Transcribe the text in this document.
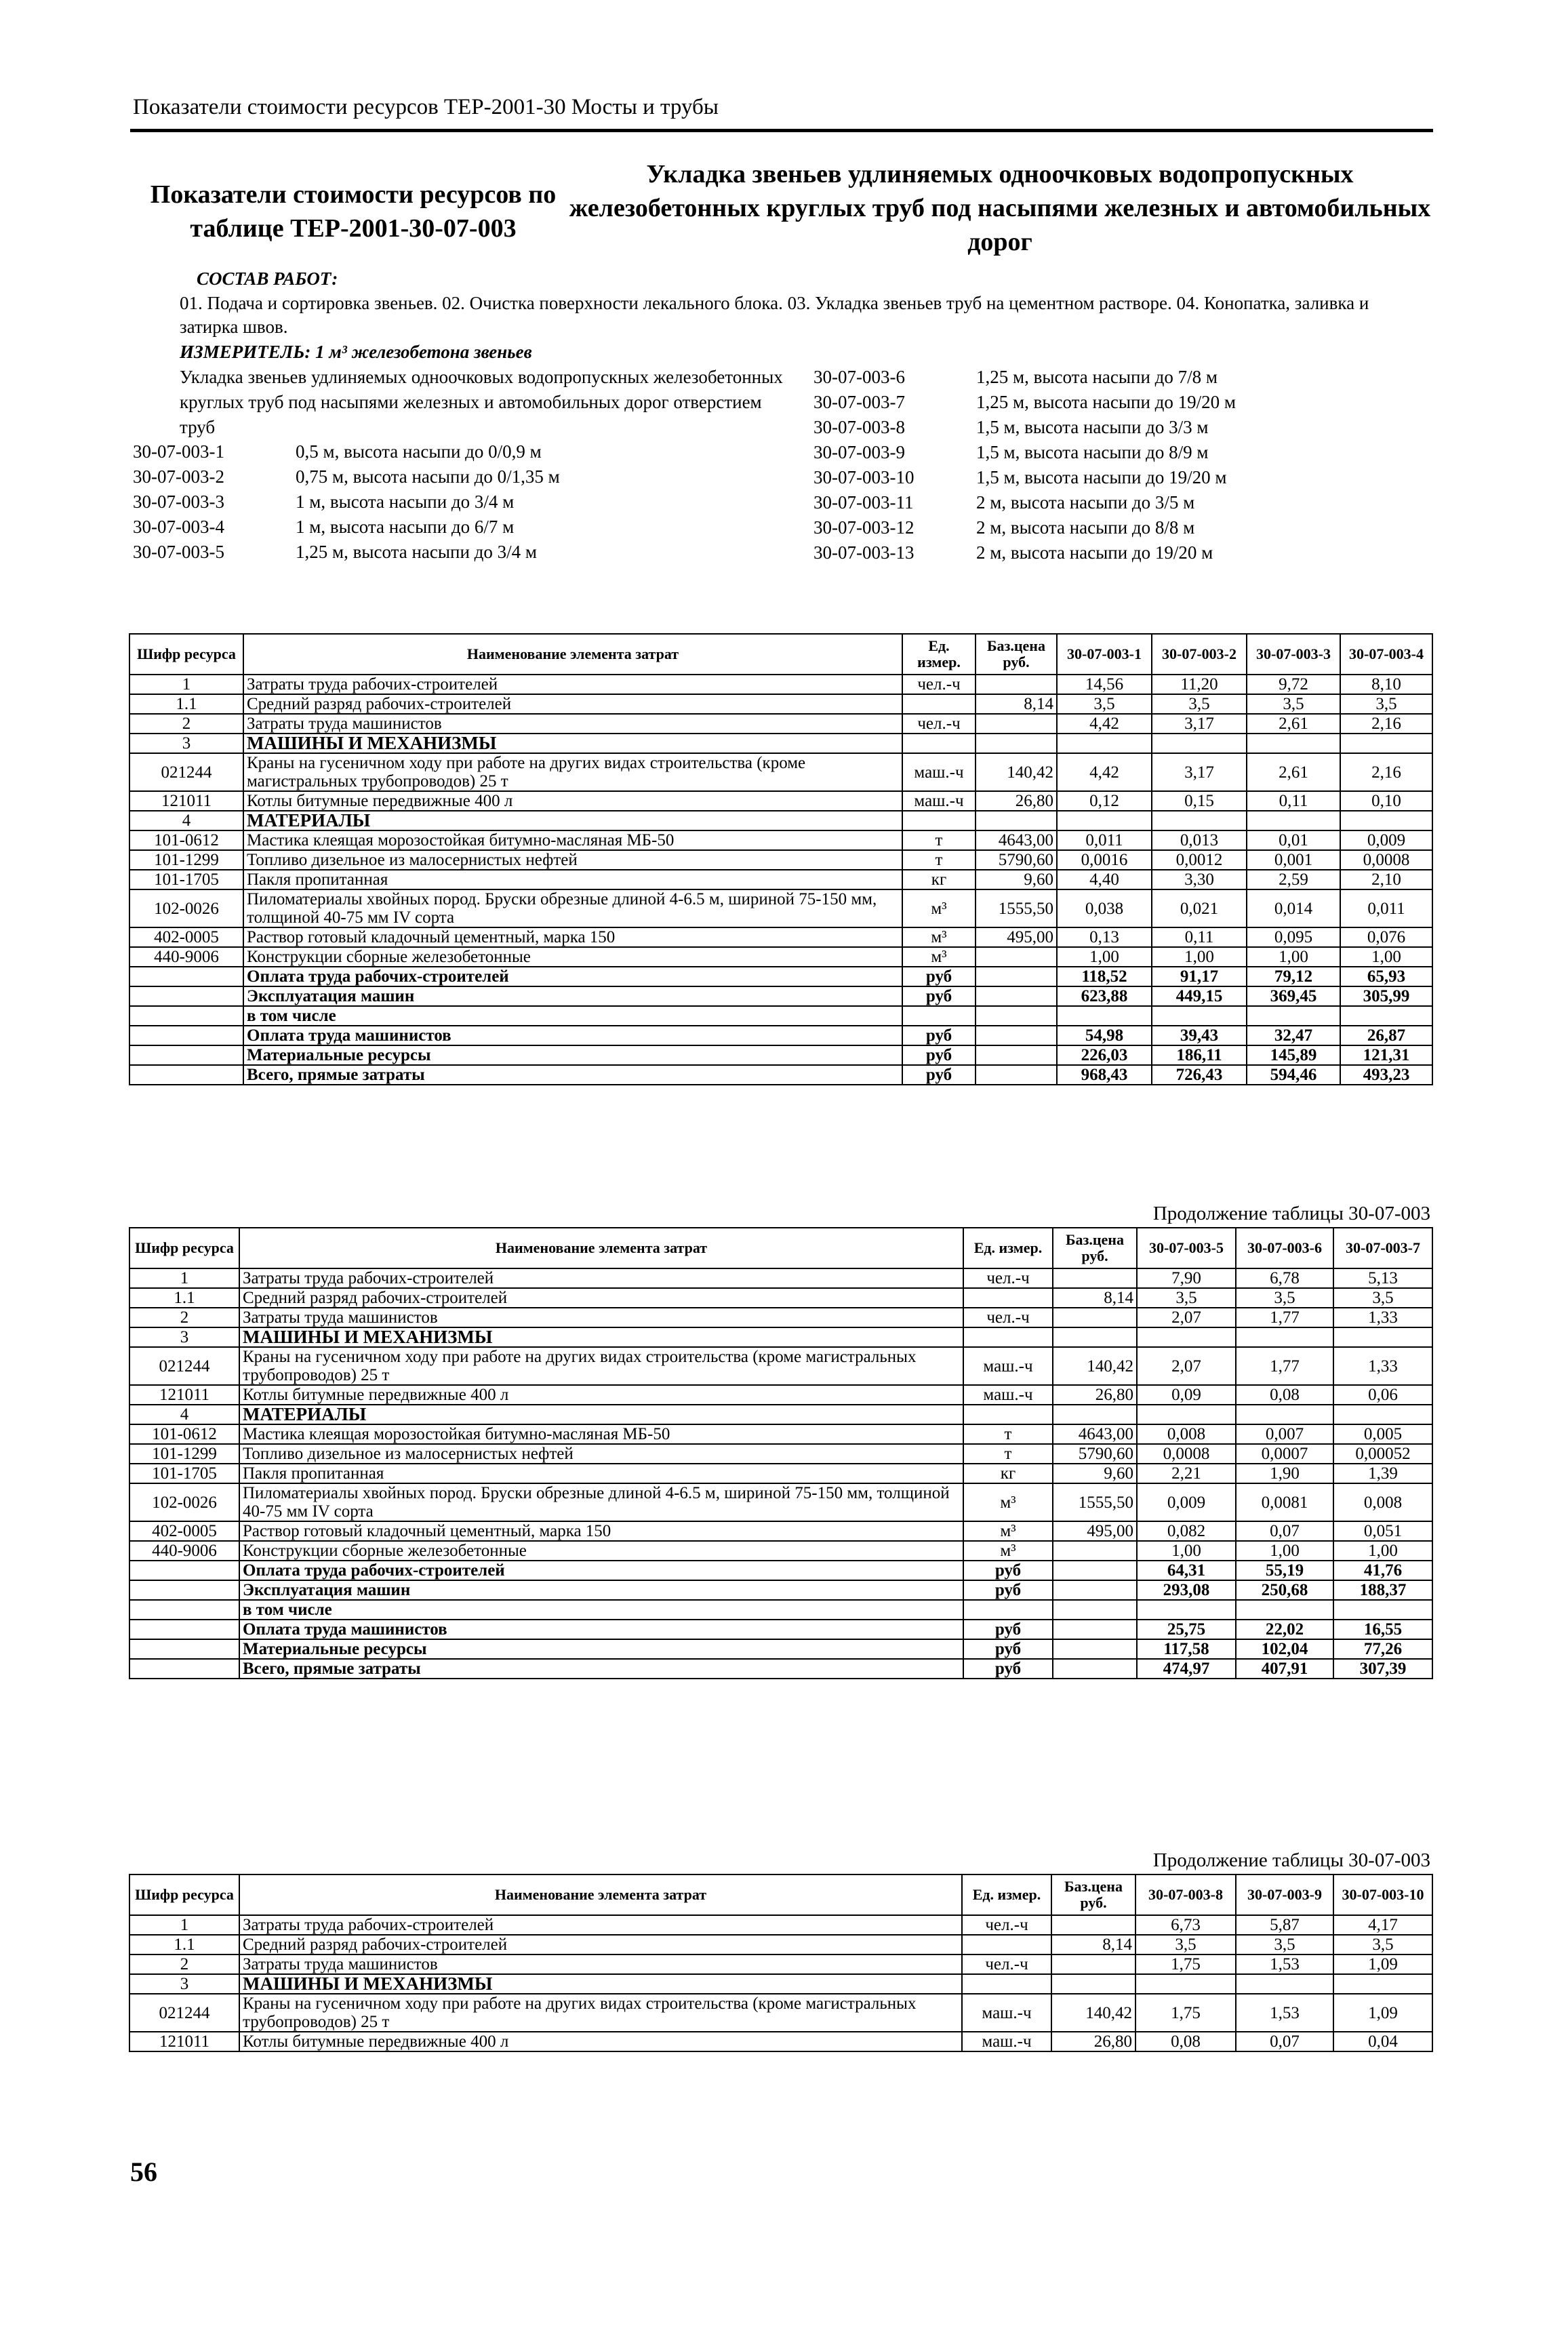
Показатели стоимости ресурсов ТЕР-2001-30 Мосты и трубы
Показатели стоимости ресурсов по таблице ТЕР-2001-30-07-003
Укладка звеньев удлиняемых одноочковых водопропускных железобетонных круглых труб под насыпями железных и автомобильных дорог
СОСТАВ РАБОТ:
01. Подача и сортировка звеньев. 02. Очистка поверхности лекального блока. 03. Укладка звеньев труб на цементном растворе. 04. Конопатка, заливка и затирка швов.
ИЗМЕРИТЕЛЬ: 1 м³ железобетона звеньев
Укладка звеньев удлиняемых одноочковых водопропускных железобетонных круглых труб под насыпями железных и автомобильных дорог отверстием труб
30-07-003-1	0,5 м, высота насыпи до 0/0,9 м
30-07-003-2	0,75 м, высота насыпи до 0/1,35 м
30-07-003-3	1 м, высота насыпи до 3/4 м
30-07-003-4	1 м, высота насыпи до 6/7 м
30-07-003-5	1,25 м, высота насыпи до 3/4 м
30-07-003-6	1,25 м, высота насыпи до 7/8 м
30-07-003-7	1,25 м, высота насыпи до 19/20 м
30-07-003-8	1,5 м, высота насыпи до 3/3 м
30-07-003-9	1,5 м, высота насыпи до 8/9 м
30-07-003-10	1,5 м, высота насыпи до 19/20 м
30-07-003-11	2 м, высота насыпи до 3/5 м
30-07-003-12	2 м, высота насыпи до 8/8 м
30-07-003-13	2 м, высота насыпи до 19/20 м
Шифр ресурса	Наименование элемента затрат	Ед. измер.	Баз.цена руб.	30-07-003-1	30-07-003-2	30-07-003-3	30-07-003-4
1	Затраты труда рабочих-строителей	чел.-ч		14,56	11,20	9,72	8,10
1.1	Средний разряд рабочих-строителей		8,14	3,5	3,5	3,5	3,5
2	Затраты труда машинистов	чел.-ч		4,42	3,17	2,61	2,16
3	МАШИНЫ И МЕХАНИЗМЫ						
021244	Краны на гусеничном ходу при работе на других видах строительства (кроме магистральных трубопроводов) 25 т	маш.-ч	140,42	4,42	3,17	2,61	2,16
121011	Котлы битумные передвижные 400 л	маш.-ч	26,80	0,12	0,15	0,11	0,10
4	МАТЕРИАЛЫ						
101-0612	Мастика клеящая морозостойкая битумно-масляная МБ-50	т	4643,00	0,011	0,013	0,01	0,009
101-1299	Топливо дизельное из малосернистых нефтей	т	5790,60	0,0016	0,0012	0,001	0,0008
101-1705	Пакля пропитанная	кг	9,60	4,40	3,30	2,59	2,10
102-0026	Пиломатериалы хвойных пород. Бруски обрезные длиной 4-6.5 м, шириной 75-150 мм, толщиной 40-75 мм IV сорта	м³	1555,50	0,038	0,021	0,014	0,011
402-0005	Раствор готовый кладочный цементный, марка 150	м³	495,00	0,13	0,11	0,095	0,076
440-9006	Конструкции сборные железобетонные	м³		1,00	1,00	1,00	1,00
	Оплата труда рабочих-строителей	руб		118,52	91,17	79,12	65,93
	Эксплуатация машин	руб		623,88	449,15	369,45	305,99
	в том числе						
	Оплата труда машинистов	руб		54,98	39,43	32,47	26,87
	Материальные ресурсы	руб		226,03	186,11	145,89	121,31
	Всего, прямые затраты	руб		968,43	726,43	594,46	493,23
Продолжение таблицы 30-07-003
Шифр ресурса	Наименование элемента затрат	Ед. измер.	Баз.цена руб.	30-07-003-5	30-07-003-6	30-07-003-7
1	Затраты труда рабочих-строителей	чел.-ч		7,90	6,78	5,13
1.1	Средний разряд рабочих-строителей		8,14	3,5	3,5	3,5
2	Затраты труда машинистов	чел.-ч		2,07	1,77	1,33
3	МАШИНЫ И МЕХАНИЗМЫ					
021244	Краны на гусеничном ходу при работе на других видах строительства (кроме магистральных трубопроводов) 25 т	маш.-ч	140,42	2,07	1,77	1,33
121011	Котлы битумные передвижные 400 л	маш.-ч	26,80	0,09	0,08	0,06
4	МАТЕРИАЛЫ					
101-0612	Мастика клеящая морозостойкая битумно-масляная МБ-50	т	4643,00	0,008	0,007	0,005
101-1299	Топливо дизельное из малосернистых нефтей	т	5790,60	0,0008	0,0007	0,00052
101-1705	Пакля пропитанная	кг	9,60	2,21	1,90	1,39
102-0026	Пиломатериалы хвойных пород. Бруски обрезные длиной 4-6.5 м, шириной 75-150 мм, толщиной 40-75 мм IV сорта	м³	1555,50	0,009	0,0081	0,008
402-0005	Раствор готовый кладочный цементный, марка 150	м³	495,00	0,082	0,07	0,051
440-9006	Конструкции сборные железобетонные	м³		1,00	1,00	1,00
	Оплата труда рабочих-строителей	руб		64,31	55,19	41,76
	Эксплуатация машин	руб		293,08	250,68	188,37
	в том числе					
	Оплата труда машинистов	руб		25,75	22,02	16,55
	Материальные ресурсы	руб		117,58	102,04	77,26
	Всего, прямые затраты	руб		474,97	407,91	307,39
Продолжение таблицы 30-07-003
Шифр ресурса	Наименование элемента затрат	Ед. измер.	Баз.цена руб.	30-07-003-8	30-07-003-9	30-07-003-10
1	Затраты труда рабочих-строителей	чел.-ч		6,73	5,87	4,17
1.1	Средний разряд рабочих-строителей		8,14	3,5	3,5	3,5
2	Затраты труда машинистов	чел.-ч		1,75	1,53	1,09
3	МАШИНЫ И МЕХАНИЗМЫ					
021244	Краны на гусеничном ходу при работе на других видах строительства (кроме магистральных трубопроводов) 25 т	маш.-ч	140,42	1,75	1,53	1,09
121011	Котлы битумные передвижные 400 л	маш.-ч	26,80	0,08	0,07	0,04
56
